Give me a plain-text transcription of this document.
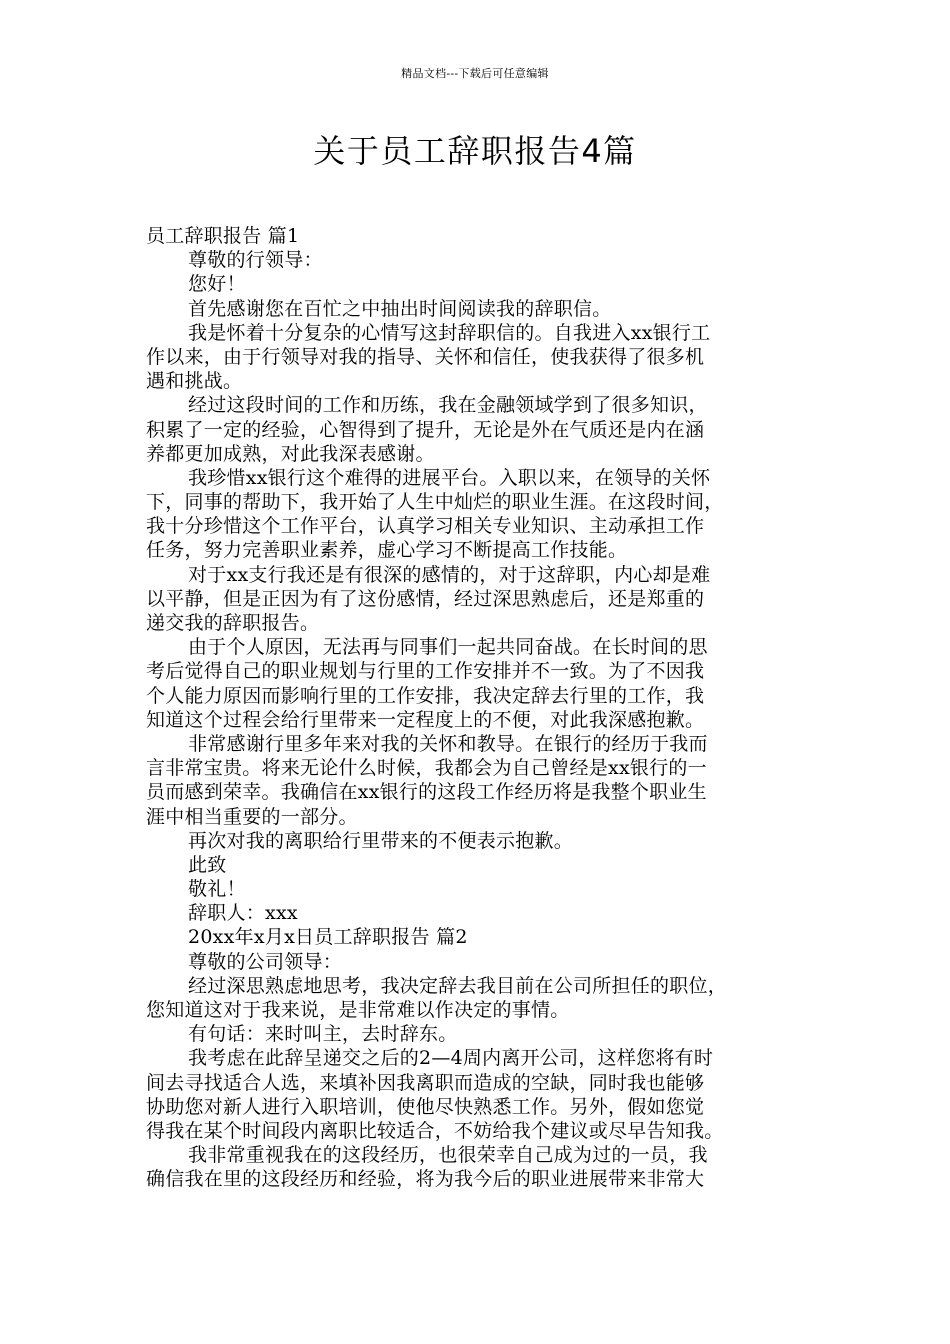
精品文档---下载后可任意编辑
关于员工辞职报告4篇
员工辞职报告 篇1
尊敬的行领导：
您好！
首先感谢您在百忙之中抽出时间阅读我的辞职信。
我是怀着十分复杂的心情写这封辞职信的。自我进入xx银行工
作以来，由于行领导对我的指导、关怀和信任，使我获得了很多机
遇和挑战。
经过这段时间的工作和历练，我在金融领域学到了很多知识，
积累了一定的经验，心智得到了提升，无论是外在气质还是内在涵
养都更加成熟，对此我深表感谢。
我珍惜xx银行这个难得的进展平台。入职以来，在领导的关怀
下，同事的帮助下，我开始了人生中灿烂的职业生涯。在这段时间，
我十分珍惜这个工作平台，认真学习相关专业知识、主动承担工作
任务，努力完善职业素养，虚心学习不断提高工作技能。
对于xx支行我还是有很深的感情的，对于这辞职，内心却是难
以平静，但是正因为有了这份感情，经过深思熟虑后，还是郑重的
递交我的辞职报告。
由于个人原因，无法再与同事们一起共同奋战。在长时间的思
考后觉得自己的职业规划与行里的工作安排并不一致。为了不因我
个人能力原因而影响行里的工作安排，我决定辞去行里的工作，我
知道这个过程会给行里带来一定程度上的不便，对此我深感抱歉。
非常感谢行里多年来对我的关怀和教导。在银行的经历于我而
言非常宝贵。将来无论什么时候，我都会为自己曾经是xx银行的一
员而感到荣幸。我确信在xx银行的这段工作经历将是我整个职业生
涯中相当重要的一部分。
再次对我的离职给行里带来的不便表示抱歉。
此致
敬礼！
辞职人：xxx
20xx年x月x日员工辞职报告 篇2
尊敬的公司领导：
经过深思熟虑地思考，我决定辞去我目前在公司所担任的职位，
您知道这对于我来说，是非常难以作决定的事情。
有句话：来时叫主，去时辞东。
我考虑在此辞呈递交之后的2—4周内离开公司，这样您将有时
间去寻找适合人选，来填补因我离职而造成的空缺，同时我也能够
协助您对新人进行入职培训，使他尽快熟悉工作。另外，假如您觉
得我在某个时间段内离职比较适合，不妨给我个建议或尽早告知我。
我非常重视我在的这段经历，也很荣幸自己成为过的一员，我
确信我在里的这段经历和经验，将为我今后的职业进展带来非常大
